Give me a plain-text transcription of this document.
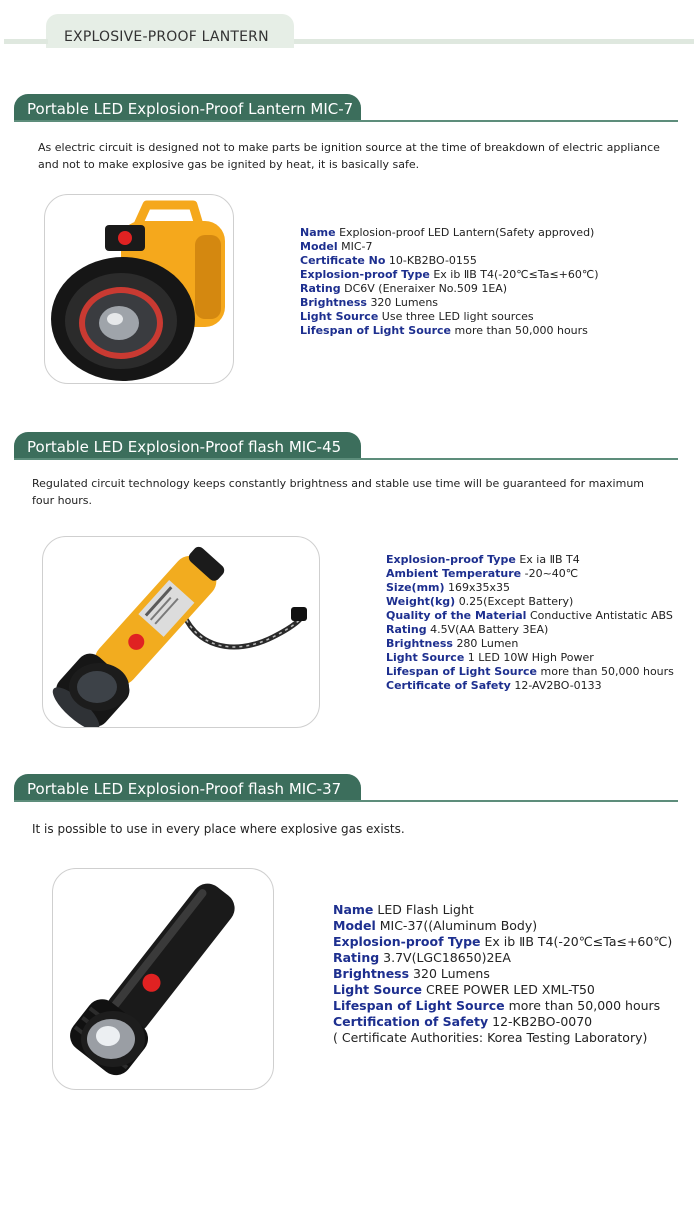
EXPLOSIVE-PROOF LANTERN
Portable LED Explosion-Proof Lantern MIC-7
As electric circuit is designed not to make parts be ignition source at the time of breakdown of electric appliance and not to make explosive gas be ignited by heat, it is basically safe.
Name Explosion-proof LED Lantern(Safety approved)
Model MIC-7
Certificate No 10-KB2BO-0155
Explosion-proof Type Ex ib ⅡB T4(-20℃≤Ta≤+60℃)
Rating DC6V (Eneraixer No.509 1EA)
Brightness 320 Lumens
Light Source Use three LED light sources
Lifespan of Light Source more than 50,000 hours
Portable LED Explosion-Proof flash MIC-45
Regulated circuit technology keeps constantly brightness and stable use time will be guaranteed for maximum four hours.
Explosion-proof Type Ex ia ⅡB T4
Ambient Temperature -20~40℃
Size(mm) 169x35x35
Weight(kg) 0.25(Except Battery)
Quality of the Material Conductive Antistatic ABS
Rating 4.5V(AA Battery 3EA)
Brightness 280 Lumen
Light Source 1 LED 10W High Power
Lifespan of Light Source more than 50,000 hours
Certificate of Safety 12-AV2BO-0133
Portable LED Explosion-Proof flash MIC-37
It is possible to use in every place where explosive gas exists.
Name LED Flash Light
Model MIC-37((Aluminum Body)
Explosion-proof Type Ex ib ⅡB T4(-20℃≤Ta≤+60℃)
Rating 3.7V(LGC18650)2EA
Brightness 320 Lumens
Light Source CREE POWER LED XML-T50
Lifespan of Light Source more than 50,000 hours
Certification of Safety 12-KB2BO-0070
( Certificate Authorities: Korea Testing Laboratory)
